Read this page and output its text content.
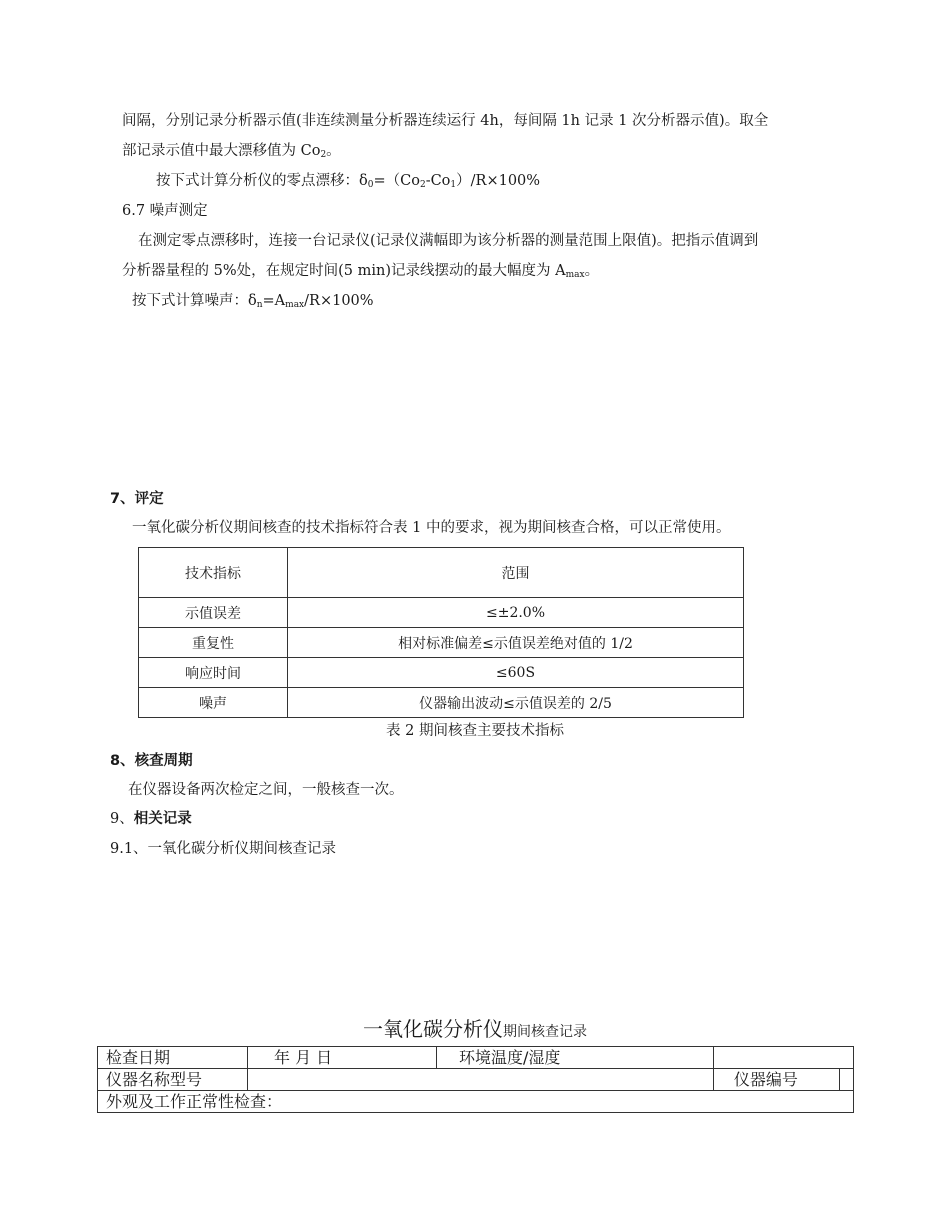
间隔，分别记录分析器示值(非连续测量分析器连续运行 4h，每间隔 1h 记录 1 次分析器示值)。取全
部记录示值中最大漂移值为 $Co_2$。
按下式计算分析仪的零点漂移：$\delta_0=(Co_2-Co_1)/R\times 100\%$
6.7 噪声测定
在测定零点漂移时，连接一台记录仪(记录仪满幅即为该分析器的测量范围上限值)。把指示值调到
分析器量程的 5%处，在规定时间(5 min)记录线摆动的最大幅度为 $A_{max}$。
按下式计算噪声：$\delta_n=A_{max}/R\times 100\%$
7、评定
一氧化碳分析仪期间核查的技术指标符合表 1 中的要求，视为期间核查合格，可以正常使用。
技术指标	范围
示值误差	≤±2.0%
重复性	相对标准偏差≤示值误差绝对值的 1/2
响应时间	≤60S
噪声	仪器输出波动≤示值误差的 2/5
表 2 期间核查主要技术指标
8、核查周期
在仪器设备两次检定之间，一般核查一次。
9、相关记录
9.1、一氧化碳分析仪期间核查记录
一氧化碳分析仪期间核查记录
检查日期	年 月 日	环境温度/湿度		
仪器名称型号			仪器编号	
外观及工作正常性检查：				
